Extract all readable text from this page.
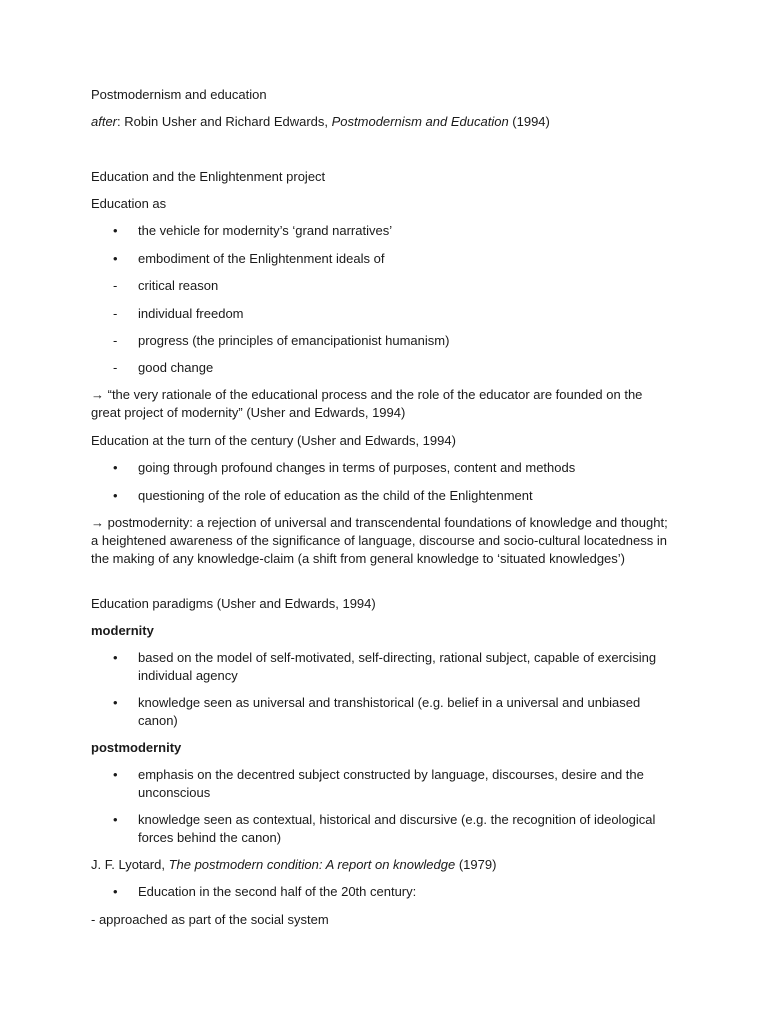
Postmodernism and education

after: Robin Usher and Richard Edwards, Postmodernism and Education (1994)

Education and the Enlightenment project

Education as

• the vehicle for modernity’s ‘grand narratives’
• embodiment of the Enlightenment ideals of
- critical reason
- individual freedom
- progress (the principles of emancipationist humanism)
- good change

→ “the very rationale of the educational process and the role of the educator are founded on the great project of modernity” (Usher and Edwards, 1994)

Education at the turn of the century (Usher and Edwards, 1994)

• going through profound changes in terms of purposes, content and methods
• questioning of the role of education as the child of the Enlightenment

→ postmodernity: a rejection of universal and transcendental foundations of knowledge and thought; a heightened awareness of the significance of language, discourse and socio-cultural locatedness in the making of any knowledge-claim (a shift from general knowledge to ‘situated knowledges’)

Education paradigms (Usher and Edwards, 1994)

modernity

• based on the model of self-motivated, self-directing, rational subject, capable of exercising individual agency
• knowledge seen as universal and transhistorical (e.g. belief in a universal and unbiased canon)

postmodernity

• emphasis on the decentred subject constructed by language, discourses, desire and the unconscious
• knowledge seen as contextual, historical and discursive (e.g. the recognition of ideological forces behind the canon)

J. F. Lyotard, The postmodern condition: A report on knowledge (1979)

• Education in the second half of the 20th century:

- approached as part of the social system
